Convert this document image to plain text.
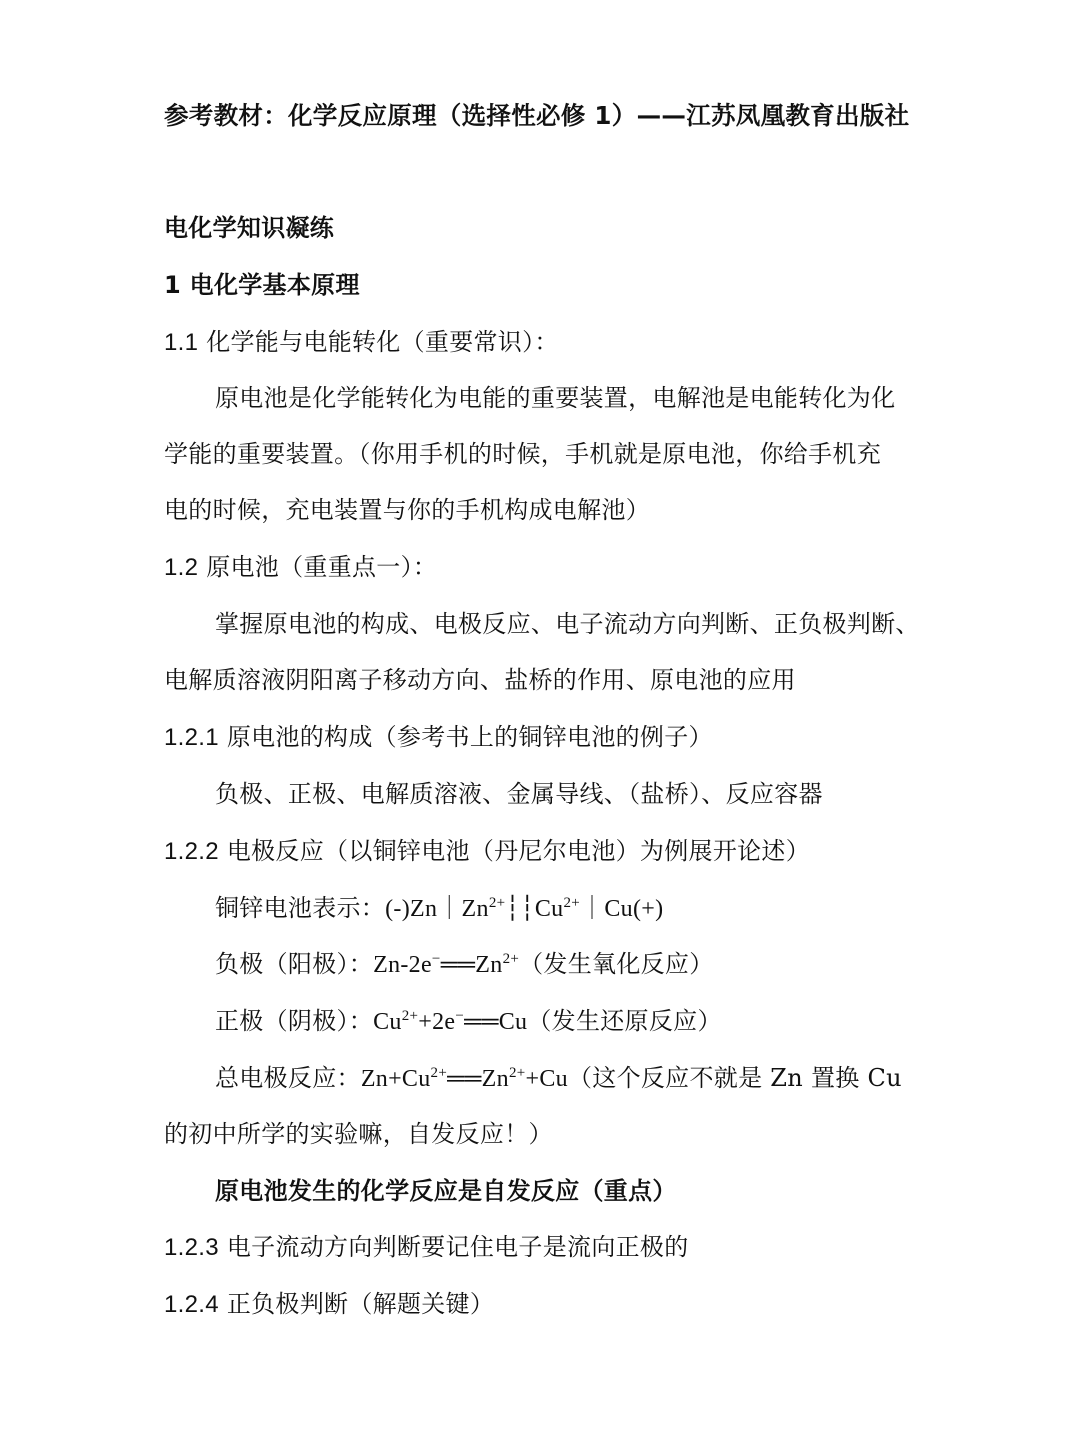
参考教材：化学反应原理（选择性必修 1）——江苏凤凰教育出版社

电化学知识凝练

1 电化学基本原理

1.1 化学能与电能转化（重要常识）：

原电池是化学能转化为电能的重要装置，电解池是电能转化为化

学能的重要装置。（你用手机的时候，手机就是原电池，你给手机充

电的时候，充电装置与你的手机构成电解池）

1.2 原电池（重重点一）：

掌握原电池的构成、电极反应、电子流动方向判断、正负极判断、

电解质溶液阴阳离子移动方向、盐桥的作用、原电池的应用

1.2.1 原电池的构成（参考书上的铜锌电池的例子）

负极、正极、电解质溶液、金属导线、（盐桥）、反应容器

1.2.2 电极反应（以铜锌电池（丹尼尔电池）为例展开论述）

铜锌电池表示：$(-)Zn|Zn^{2+}┆┆Cu^{2+}|Cu(+)$

负极（阳极）：$Zn-2e^-══Zn^{2+}$（发生氧化反应）

正极（阴极）：$Cu^{2+}+2e^-══Cu$（发生还原反应）

总电极反应：$Zn+Cu^{2+}══Zn^{2+}+Cu$（这个反应不就是 Zn 置换 Cu

的初中所学的实验嘛，自发反应！）

原电池发生的化学反应是自发反应（重点）

1.2.3 电子流动方向判断要记住电子是流向正极的

1.2.4 正负极判断（解题关键）
